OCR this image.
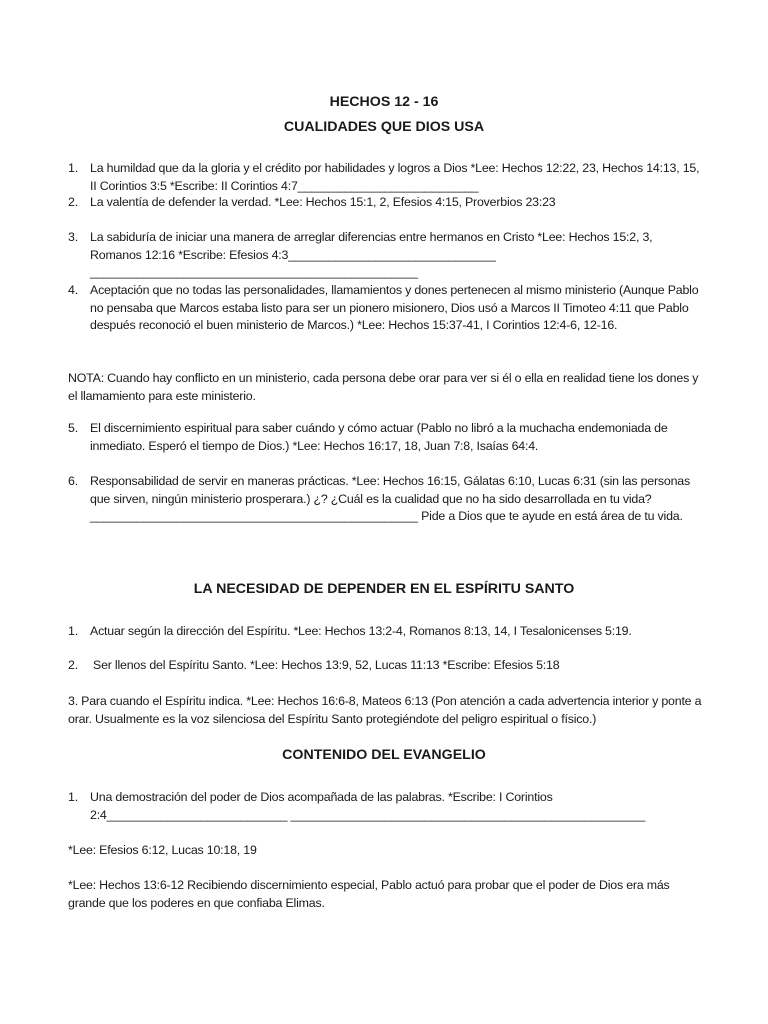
HECHOS 12 - 16
CUALIDADES QUE DIOS USA
1. La humildad que da la gloria y el crédito por habilidades y logros a Dios *Lee: Hechos 12:22, 23, Hechos 14:13, 15, II Corintios 3:5 *Escribe: II Corintios 4:7___________________________
2. La valentía de defender la verdad. *Lee: Hechos 15:1, 2, Efesios 4:15, Proverbios 23:23
3. La sabiduría de iniciar una manera de arreglar diferencias entre hermanos en Cristo *Lee: Hechos 15:2, 3, Romanos 12:16 *Escribe: Efesios 4:3_______________________________ _________________________________________________
4. Aceptación que no todas las personalidades, llamamientos y dones pertenecen al mismo ministerio (Aunque Pablo no pensaba que Marcos estaba listo para ser un pionero misionero, Dios usó a Marcos II Timoteo 4:11 que Pablo después reconoció el buen ministerio de Marcos.) *Lee: Hechos 15:37-41, I Corintios 12:4-6, 12-16.
NOTA: Cuando hay conflicto en un ministerio, cada persona debe orar para ver si él o ella en realidad tiene los dones y el llamamiento para este ministerio.
5. El discernimiento espiritual para saber cuándo y cómo actuar (Pablo no libró a la muchacha endemoniada de inmediato. Esperó el tiempo de Dios.) *Lee: Hechos 16:17, 18, Juan 7:8, Isaías 64:4.
6. Responsabilidad de servir en maneras prácticas. *Lee: Hechos 16:15, Gálatas 6:10, Lucas 6:31 (sin las personas que sirven, ningún ministerio prosperara.) ¿? ¿Cuál es la cualidad que no ha sido desarrollada en tu vida?_________________________________________________ Pide a Dios que te ayude en está área de tu vida.
LA NECESIDAD DE DEPENDER EN EL ESPÍRITU SANTO
1. Actuar según la dirección del Espíritu. *Lee: Hechos 13:2-4, Romanos 8:13, 14, I Tesalonicenses 5:19.
2. Ser llenos del Espíritu Santo. *Lee: Hechos 13:9, 52, Lucas 11:13 *Escribe: Efesios 5:18
3. Para cuando el Espíritu indica. *Lee: Hechos 16:6-8, Mateos 6:13 (Pon atención a cada advertencia interior y ponte a orar. Usualmente es la voz silenciosa del Espíritu Santo protegiéndote del peligro espiritual o físico.)
CONTENIDO DEL EVANGELIO
1. Una demostración del poder de Dios acompañada de las palabras. *Escribe: I Corintios 2:4___________________________ _____________________________________________________
*Lee: Efesios 6:12, Lucas 10:18, 19
*Lee: Hechos 13:6-12 Recibiendo discernimiento especial, Pablo actuó para probar que el poder de Dios era más grande que los poderes en que confiaba Elimas.
